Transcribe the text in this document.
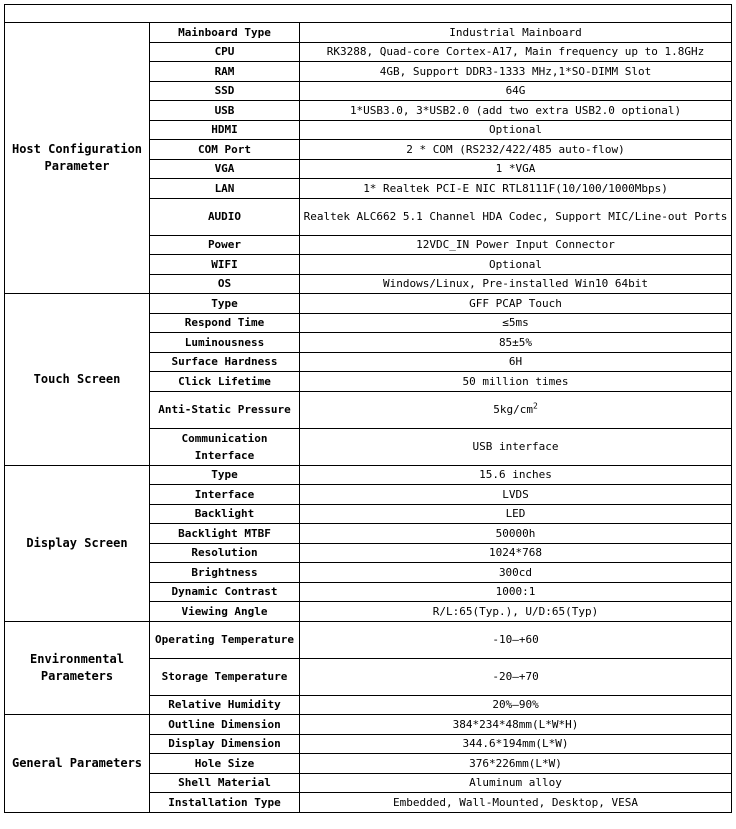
Host Configuration Parameter	Mainboard Type	Industrial Mainboard
	CPU	RK3288, Quad-core Cortex-A17, Main frequency up to 1.8GHz
	RAM	4GB, Support DDR3-1333 MHz,1*SO-DIMM Slot
	SSD	64G
	USB	1*USB3.0, 3*USB2.0 (add two extra USB2.0 optional)
	HDMI	Optional
	COM Port	2 * COM (RS232/422/485 auto-flow)
	VGA	1 *VGA
	LAN	1* Realtek PCI-E NIC RTL8111F(10/100/1000Mbps)
	AUDIO	Realtek ALC662 5.1 Channel HDA Codec, Support MIC/Line-out Ports
	Power	12VDC_IN Power Input Connector
	WIFI	Optional
	OS	Windows/Linux, Pre-installed Win10 64bit
Touch Screen	Type	GFF PCAP Touch
	Respond Time	≤5ms
	Luminousness	85±5%
	Surface Hardness	6H
	Click Lifetime	50 million times
	Anti-Static Pressure	$5kg/cm^2$
	Communication Interface	USB interface
Display Screen	Type	15.6 inches
	Interface	LVDS
	Backlight	LED
	Backlight MTBF	50000h
	Resolution	1024*768
	Brightness	300cd
	Dynamic Contrast	1000:1
	Viewing Angle	R/L:65(Typ.), U/D:65(Typ)
Environmental Parameters	Operating Temperature	-10—+60
	Storage Temperature	-20—+70
	Relative Humidity	20%—90%
General Parameters	Outline Dimension	384*234*48mm(L*W*H)
	Display Dimension	344.6*194mm(L*W)
	Hole Size	376*226mm(L*W)
	Shell Material	Aluminum alloy
	Installation Type	Embedded, Wall-Mounted, Desktop, VESA
